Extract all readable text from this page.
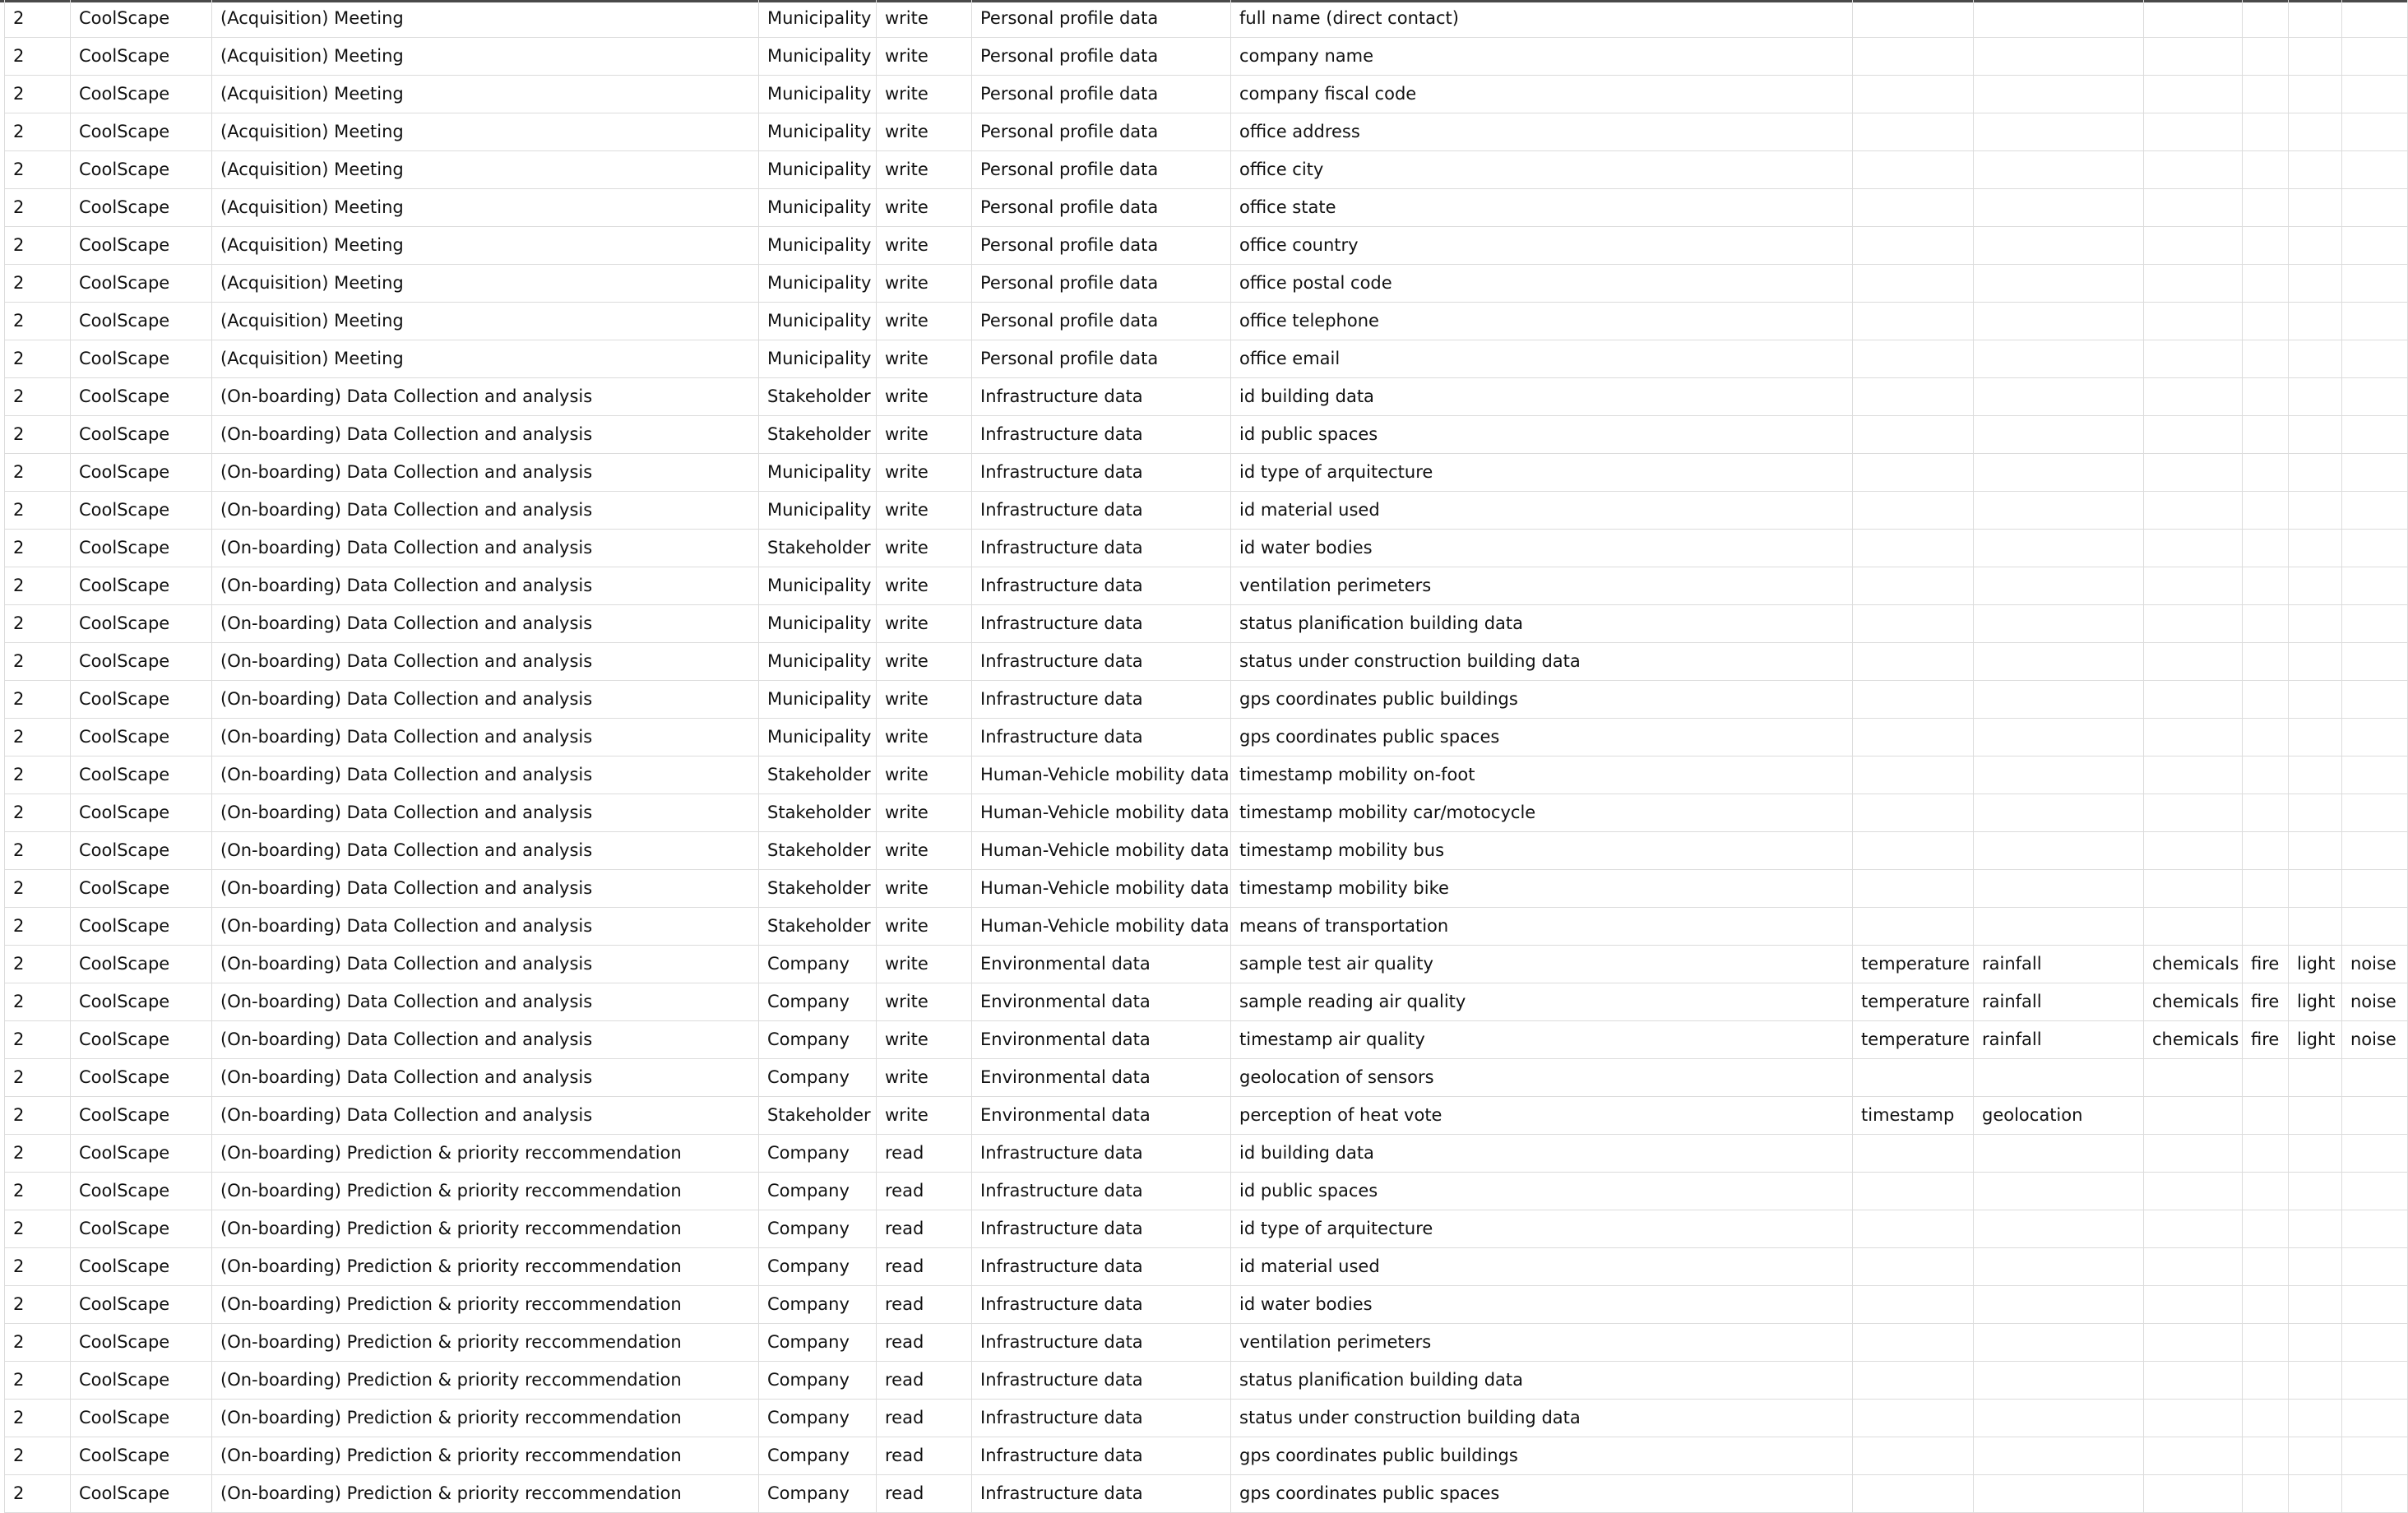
2	CoolScape	(Acquisition) Meeting	Municipality	write	Personal profile data	full name (direct contact)						
2	CoolScape	(Acquisition) Meeting	Municipality	write	Personal profile data	company name						
2	CoolScape	(Acquisition) Meeting	Municipality	write	Personal profile data	company fiscal code						
2	CoolScape	(Acquisition) Meeting	Municipality	write	Personal profile data	office address						
2	CoolScape	(Acquisition) Meeting	Municipality	write	Personal profile data	office city						
2	CoolScape	(Acquisition) Meeting	Municipality	write	Personal profile data	office state						
2	CoolScape	(Acquisition) Meeting	Municipality	write	Personal profile data	office country						
2	CoolScape	(Acquisition) Meeting	Municipality	write	Personal profile data	office postal code						
2	CoolScape	(Acquisition) Meeting	Municipality	write	Personal profile data	office telephone						
2	CoolScape	(Acquisition) Meeting	Municipality	write	Personal profile data	office email						
2	CoolScape	(On-boarding) Data Collection and analysis	Stakeholder	write	Infrastructure data	id building data						
2	CoolScape	(On-boarding) Data Collection and analysis	Stakeholder	write	Infrastructure data	id public spaces						
2	CoolScape	(On-boarding) Data Collection and analysis	Municipality	write	Infrastructure data	id type of arquitecture						
2	CoolScape	(On-boarding) Data Collection and analysis	Municipality	write	Infrastructure data	id material used						
2	CoolScape	(On-boarding) Data Collection and analysis	Stakeholder	write	Infrastructure data	id water bodies						
2	CoolScape	(On-boarding) Data Collection and analysis	Municipality	write	Infrastructure data	ventilation perimeters						
2	CoolScape	(On-boarding) Data Collection and analysis	Municipality	write	Infrastructure data	status planification building data						
2	CoolScape	(On-boarding) Data Collection and analysis	Municipality	write	Infrastructure data	status under construction building data						
2	CoolScape	(On-boarding) Data Collection and analysis	Municipality	write	Infrastructure data	gps coordinates public buildings						
2	CoolScape	(On-boarding) Data Collection and analysis	Municipality	write	Infrastructure data	gps coordinates public spaces						
2	CoolScape	(On-boarding) Data Collection and analysis	Stakeholder	write	Human-Vehicle mobility data	timestamp mobility on-foot						
2	CoolScape	(On-boarding) Data Collection and analysis	Stakeholder	write	Human-Vehicle mobility data	timestamp mobility car/motocycle						
2	CoolScape	(On-boarding) Data Collection and analysis	Stakeholder	write	Human-Vehicle mobility data	timestamp mobility bus						
2	CoolScape	(On-boarding) Data Collection and analysis	Stakeholder	write	Human-Vehicle mobility data	timestamp mobility bike						
2	CoolScape	(On-boarding) Data Collection and analysis	Stakeholder	write	Human-Vehicle mobility data	means of transportation						
2	CoolScape	(On-boarding) Data Collection and analysis	Company	write	Environmental data	sample test air quality	temperature	rainfall	chemicals	fire	light	noise
2	CoolScape	(On-boarding) Data Collection and analysis	Company	write	Environmental data	sample reading air quality	temperature	rainfall	chemicals	fire	light	noise
2	CoolScape	(On-boarding) Data Collection and analysis	Company	write	Environmental data	timestamp air quality	temperature	rainfall	chemicals	fire	light	noise
2	CoolScape	(On-boarding) Data Collection and analysis	Company	write	Environmental data	geolocation of sensors						
2	CoolScape	(On-boarding) Data Collection and analysis	Stakeholder	write	Environmental data	perception of heat vote	timestamp	geolocation				
2	CoolScape	(On-boarding) Prediction & priority reccommendation	Company	read	Infrastructure data	id building data						
2	CoolScape	(On-boarding) Prediction & priority reccommendation	Company	read	Infrastructure data	id public spaces						
2	CoolScape	(On-boarding) Prediction & priority reccommendation	Company	read	Infrastructure data	id type of arquitecture						
2	CoolScape	(On-boarding) Prediction & priority reccommendation	Company	read	Infrastructure data	id material used						
2	CoolScape	(On-boarding) Prediction & priority reccommendation	Company	read	Infrastructure data	id water bodies						
2	CoolScape	(On-boarding) Prediction & priority reccommendation	Company	read	Infrastructure data	ventilation perimeters						
2	CoolScape	(On-boarding) Prediction & priority reccommendation	Company	read	Infrastructure data	status planification building data						
2	CoolScape	(On-boarding) Prediction & priority reccommendation	Company	read	Infrastructure data	status under construction building data						
2	CoolScape	(On-boarding) Prediction & priority reccommendation	Company	read	Infrastructure data	gps coordinates public buildings						
2	CoolScape	(On-boarding) Prediction & priority reccommendation	Company	read	Infrastructure data	gps coordinates public spaces						
